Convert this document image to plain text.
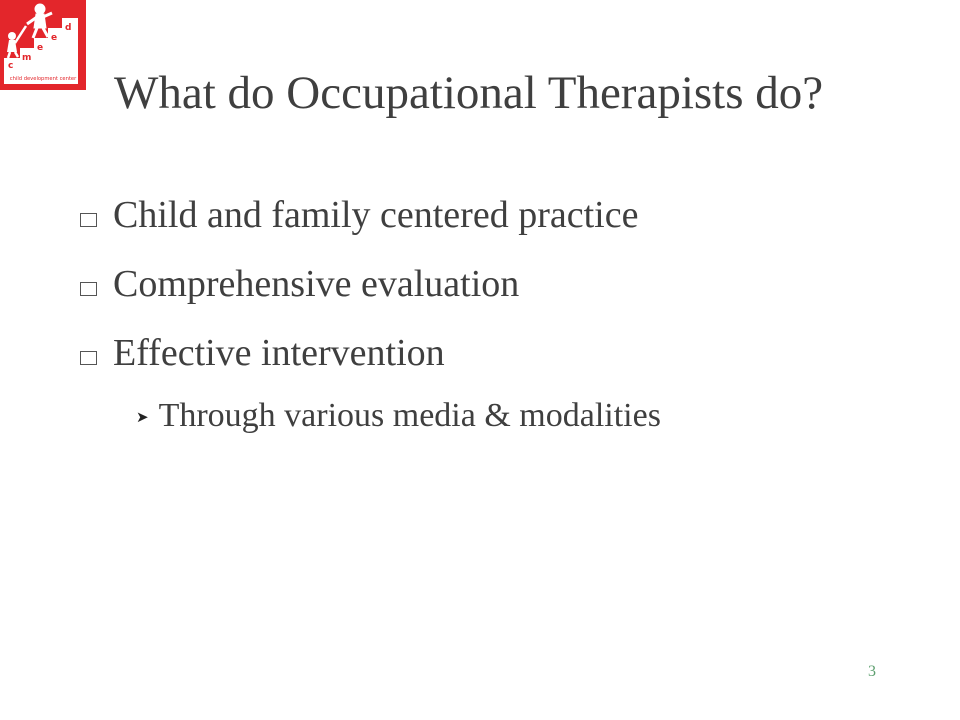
c
m
e
e
d
child development center What do Occupational Therapists do?
Child and family centered practice
Comprehensive evaluation
Effective intervention
➤ Through various media & modalities
3
